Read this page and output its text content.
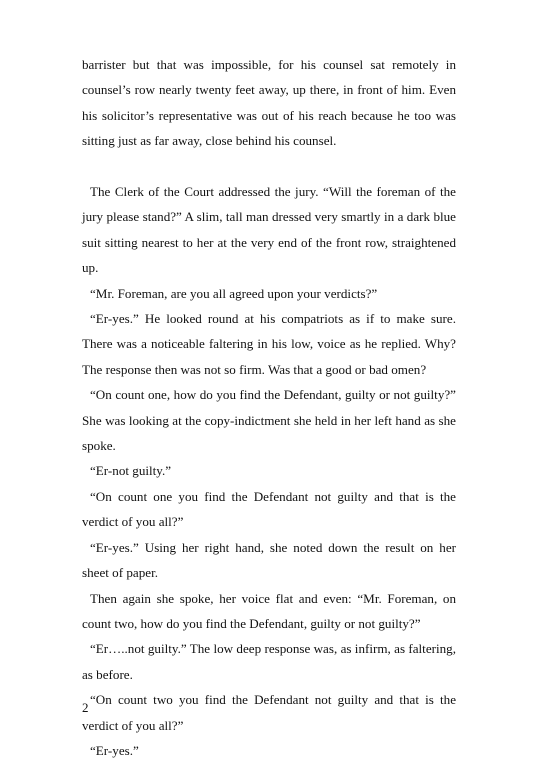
barrister but that was impossible, for his counsel sat remotely in counsel’s row nearly twenty feet away, up there, in front of him. Even his solicitor’s representative was out of his reach because he too was sitting just as far away, close behind his counsel.

The Clerk of the Court addressed the jury. “Will the foreman of the jury please stand?” A slim, tall man dressed very smartly in a dark blue suit sitting nearest to her at the very end of the front row, straightened up.

“Mr. Foreman, are you all agreed upon your verdicts?”

“Er-yes.” He looked round at his compatriots as if to make sure. There was a noticeable faltering in his low, voice as he replied. Why? The response then was not so firm. Was that a good or bad omen?

“On count one, how do you find the Defendant, guilty or not guilty?” She was looking at the copy-indictment she held in her left hand as she spoke.

“Er-not guilty.”

“On count one you find the Defendant not guilty and that is the verdict of you all?”

“Er-yes.” Using her right hand, she noted down the result on her sheet of paper.

Then again she spoke, her voice flat and even: “Mr. Foreman, on count two, how do you find the Defendant, guilty or not guilty?”

“Er…..not guilty.” The low deep response was, as infirm, as faltering, as before.

“On count two you find the Defendant not guilty and that is the verdict of you all?”

“Er-yes.”

2
